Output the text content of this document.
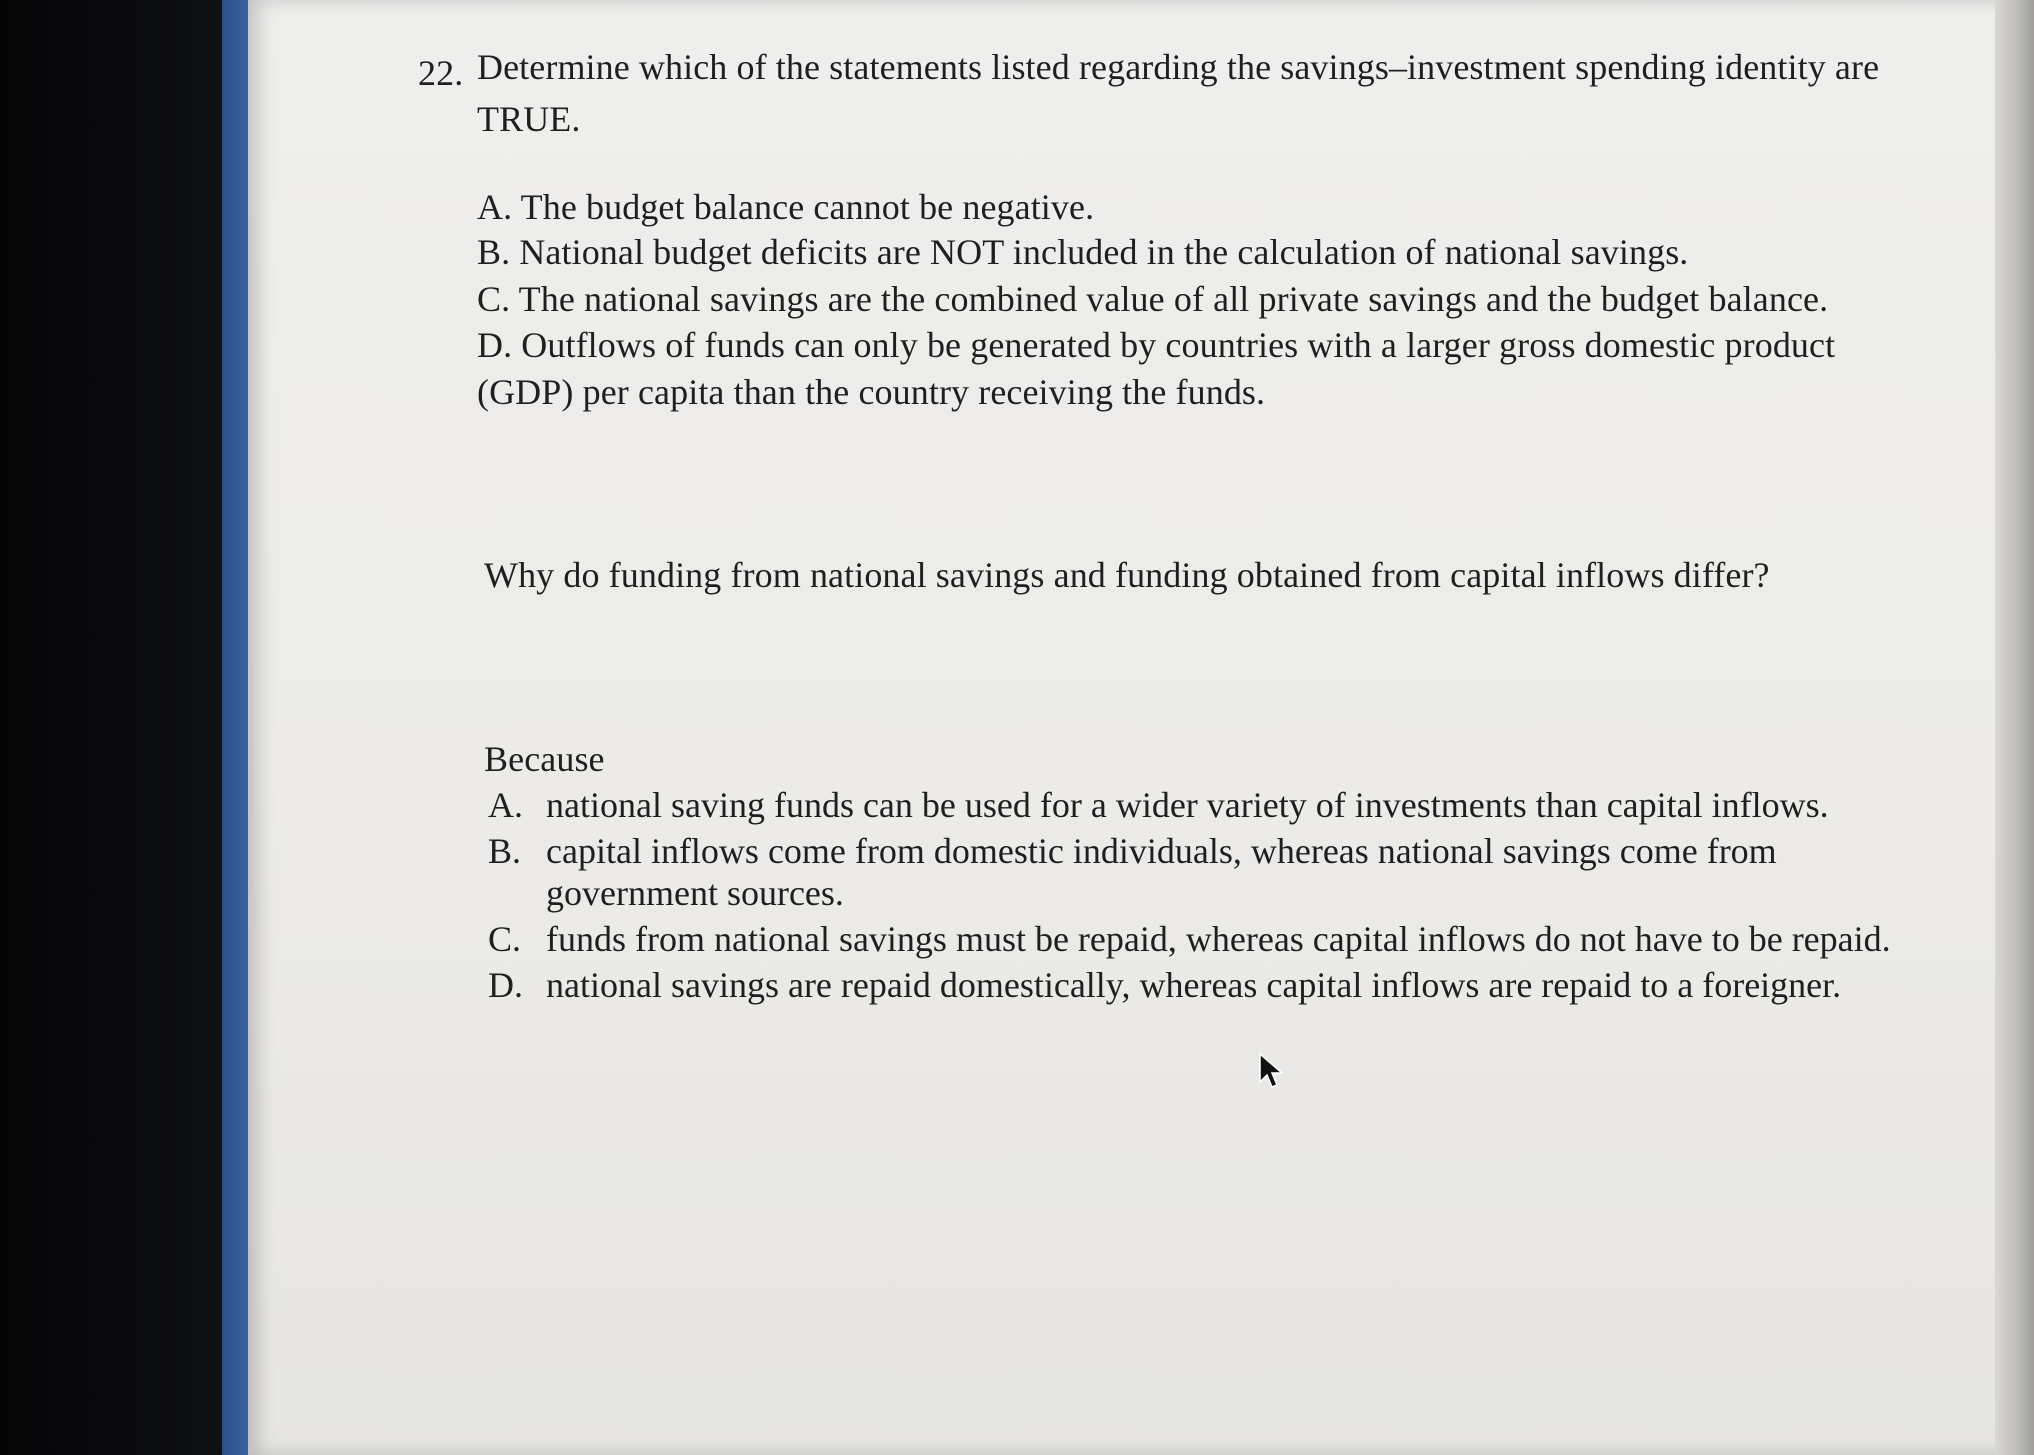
22. Determine which of the statements listed regarding the savings–investment spending identity are
TRUE.
A. The budget balance cannot be negative.
B. National budget deficits are NOT included in the calculation of national savings.
C. The national savings are the combined value of all private savings and the budget balance.
D. Outflows of funds can only be generated by countries with a larger gross domestic product
(GDP) per capita than the country receiving the funds.
Why do funding from national savings and funding obtained from capital inflows differ?
Because
A. national saving funds can be used for a wider variety of investments than capital inflows.
B. capital inflows come from domestic individuals, whereas national savings come from
government sources.
C. funds from national savings must be repaid, whereas capital inflows do not have to be repaid.
D. national savings are repaid domestically, whereas capital inflows are repaid to a foreigner.
